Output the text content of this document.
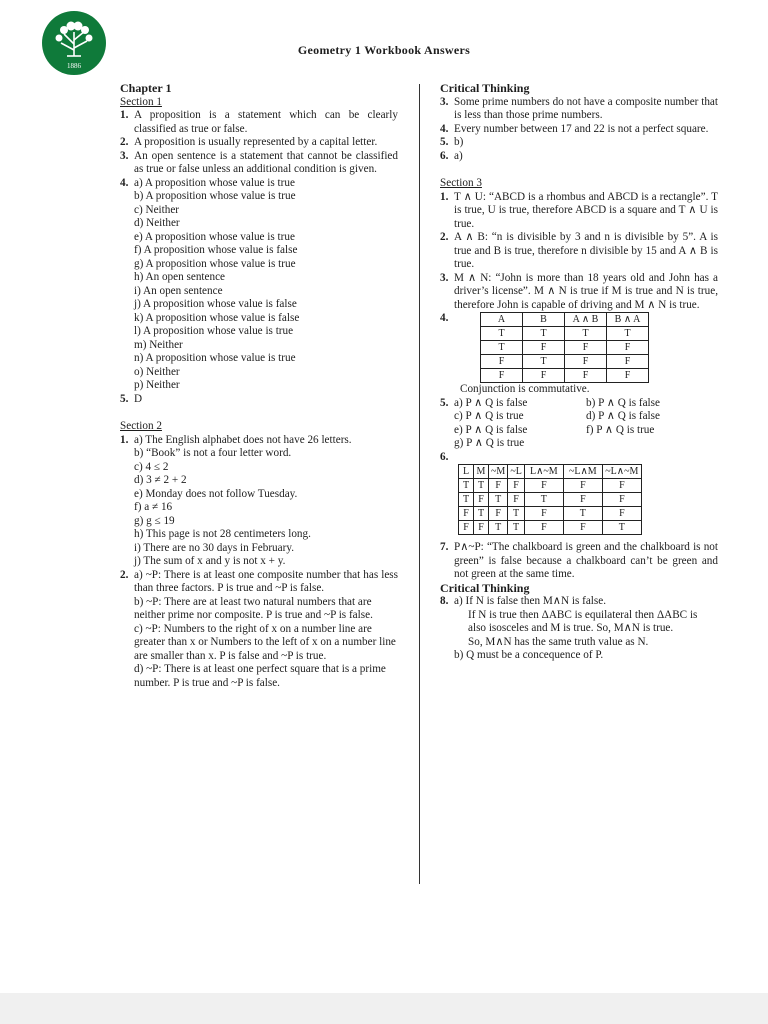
1886
Geometry 1 Workbook Answers
Chapter 1
Section 1
1. A proposition is a statement which can be clearly classified as true or false.
2. A proposition is usually represented by a capital letter.
3. An open sentence is a statement that cannot be classified as true or false unless an additional condition is given.
4. a) A proposition whose value is true
b) A proposition whose value is true
c) Neither
d) Neither
e) A proposition whose value is true
f) A proposition whose value is false
g) A proposition whose value is true
h) An open sentence
i) An open sentence
j) A proposition whose value is false
k) A proposition whose value is false
l) A proposition whose value is true
m) Neither
n) A proposition whose value is true
o) Neither
p) Neither
5. D
Section 2
1. a) The English alphabet does not have 26 letters.
b) “Book” is not a four letter word.
c) 4 ≤ 2
d) 3 ≠ 2 + 2
e) Monday does not follow Tuesday.
f) a ≠ 16
g) g ≤ 19
h) This page is not 28 centimeters long.
i) There are no 30 days in February.
j) The sum of x and y is not x + y.
2. a) ~P: There is at least one composite number that has less than three factors. P is true and ~P is false.
b) ~P: There are at least two natural numbers that are neither prime nor composite. P is true and ~P is false.
c) ~P: Numbers to the right of x on a number line are greater than x or Numbers to the left of x on a number line are smaller than x. P is false and ~P is true.
d) ~P: There is at least one perfect square that is a prime number. P is true and ~P is false.
Critical Thinking
3. Some prime numbers do not have a composite number that is less than those prime numbers.
4. Every number between 17 and 22 is not a perfect square.
5. b)
6. a)
Section 3
1. T ∧ U: “ABCD is a rhombus and ABCD is a rectangle”. T is true, U is true, therefore ABCD is a square and T ∧ U is true.
2. A ∧ B: “n is divisible by 3 and n is divisible by 5”. A is true and B is true, therefore n divisible by 15 and A ∧ B is true.
3. M ∧ N: “John is more than 18 years old and John has a driver’s license”. M ∧ N is true if M is true and N is true, therefore John is capable of driving and M ∧ N is true.
4.	A	B	A ∧ B	B ∧ A
T	T	T	T
T	F	F	F
F	T	F	F
F	F	F	F
Conjunction is commutative.
5. a) P ∧ Q is false	b) P ∧ Q is false
c) P ∧ Q is true	d) P ∧ Q is false
e) P ∧ Q is false	f) P ∧ Q is true
g) P ∧ Q is true
6.

L	M	~M	~L	L∧~M	~L∧M	~L∧~M
T	T	F	F	F	F	F
T	F	T	F	T	F	F
F	T	F	T	F	T	F
F	F	T	T	F	F	T
7. P∧~P: “The chalkboard is green and the chalkboard is not green” is false because a chalkboard can’t be green and not green at the same time.
Critical Thinking
8. a) If N is false then M∧N is false.
If N is true then ΔABC is equilateral then ΔABC is also isosceles and M is true. So, M∧N is true.
So, M∧N has the same truth value as N.
b) Q must be a concequence of P.
